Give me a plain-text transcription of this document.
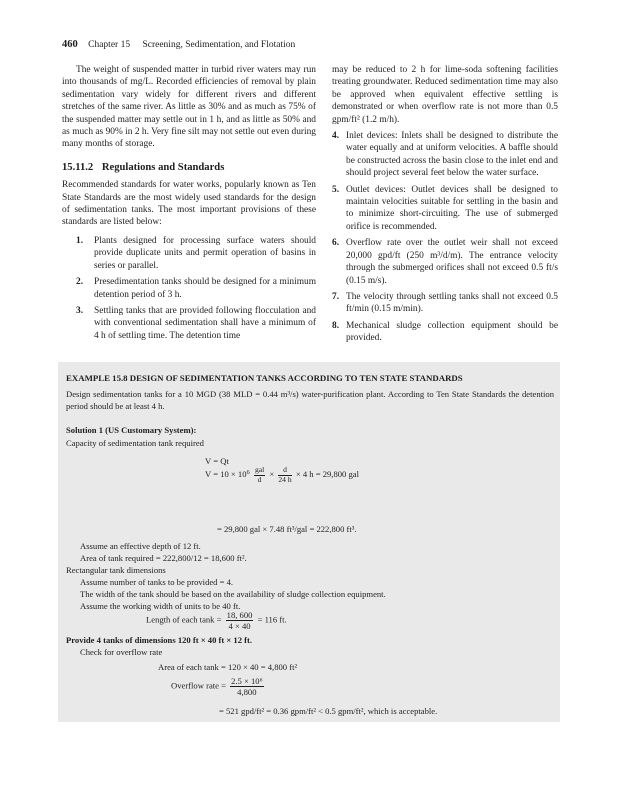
460 Chapter 15 Screening, Sedimentation, and Flotation

The weight of suspended matter in turbid river waters may run into thousands of mg/L. Recorded efficiencies of removal by plain sedimentation vary widely for different rivers and different stretches of the same river. As little as 30% and as much as 75% of the suspended matter may settle out in 1 h, and as little as 50% and as much as 90% in 2 h. Very fine silt may not settle out even during many months of storage.

15.11.2 Regulations and Standards

Recommended standards for water works, popularly known as Ten State Standards are the most widely used standards for the design of sedimentation tanks. The most important provisions of these standards are listed below:

1. Plants designed for processing surface waters should provide duplicate units and permit operation of basins in series or parallel.
2. Presedimentation tanks should be designed for a minimum detention period of 3 h.
3. Settling tanks that are provided following flocculation and with conventional sedimentation shall have a minimum of 4 h of settling time. The detention time

may be reduced to 2 h for lime-soda softening facilities treating groundwater. Reduced sedimentation time may also be approved when equivalent effective settling is demonstrated or when overflow rate is not more than 0.5 gpm/ft² (1.2 m/h).

4. Inlet devices: Inlets shall be designed to distribute the water equally and at uniform velocities. A baffle should be constructed across the basin close to the inlet end and should project several feet below the water surface.
5. Outlet devices: Outlet devices shall be designed to maintain velocities suitable for settling in the basin and to minimize short-circuiting. The use of submerged orifice is recommended.
6. Overflow rate over the outlet weir shall not exceed 20,000 gpd/ft (250 m³/d/m). The entrance velocity through the submerged orifices shall not exceed 0.5 ft/s (0.15 m/s).
7. The velocity through settling tanks shall not exceed 0.5 ft/min (0.15 m/min).
8. Mechanical sludge collection equipment should be provided.
EXAMPLE 15.8 DESIGN OF SEDIMENTATION TANKS ACCORDING TO TEN STATE STANDARDS
Design sedimentation tanks for a 10 MGD (38 MLD = 0.44 m³/s) water-purification plant. According to Ten State Standards the detention period should be at least 4 h.
Solution 1 (US Customary System):
Capacity of sedimentation tank required
V = Qt
$V = 10 \times 10^6 \frac{\text{gal}}{d} \times \frac{d}{24 h} \times 4$ h = 29,800 gal
= 29,800 gal × 7.48 ft³/gal = 222,800 ft³.
Assume an effective depth of 12 ft.
Area of tank required = 222,800/12 = 18,600 ft².
Rectangular tank dimensions
Assume number of tanks to be provided = 4.
The width of the tank should be based on the availability of sludge collection equipment.
Assume the working width of units to be 40 ft.
Length of each $\tan k = \frac{18, 600}{4 \times 40} = 116$ ft.
Provide 4 tanks of dimensions 120 ft × 40 ft × 12 ft.
Check for overflow rate
Area of each tank = 120 × 40 = 4,800 ft²
Overflow rate = $\frac{\text{2.5 × 10⁶}}{4,800}$
= 521 gpd/ft² = 0.36 gpm/ft² < 0.5 gpm/ft², which is acceptable.
